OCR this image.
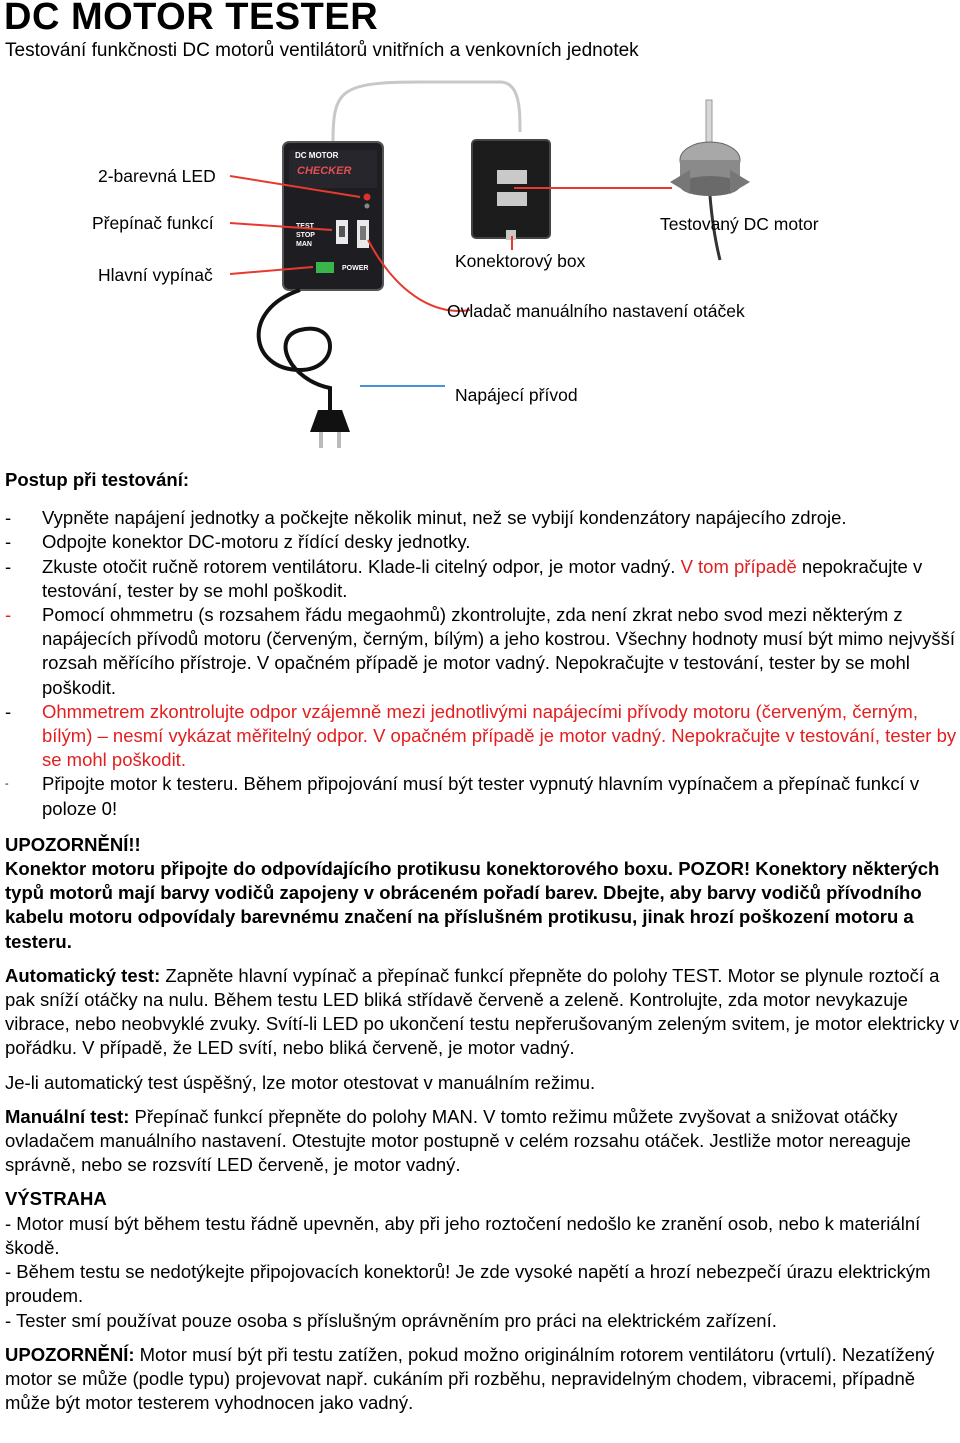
DC MOTOR TESTER

Testování funkčnosti DC motorů ventilátorů vnitřních a venkovních jednotek

DC MOTOR
CHECKER
TEST
STOP
MAN
POWER
2-barevná LED
Přepínač funkcí
Hlavní vypínač
Konektorový box
Testovaný DC motor
Ovladač manuálního nastavení otáček
Napájecí přívod

Postup při testování:

-	Vypněte napájení jednotky a počkejte několik minut, než se vybijí kondenzátory napájecího zdroje.
-	Odpojte konektor DC-motoru z řídící desky jednotky.
-	Zkuste otočit ručně rotorem ventilátoru. Klade-li citelný odpor, je motor vadný. V tom případě nepokračujte v testování, tester by se mohl poškodit.
-	Pomocí ohmmetru (s rozsahem řádu megaohmů) zkontrolujte, zda není zkrat nebo svod mezi některým z napájecích přívodů motoru (červeným, černým, bílým) a jeho kostrou. Všechny hodnoty musí být mimo nejvyšší rozsah měřícího přístroje. V opačném případě je motor vadný. Nepokračujte v testování, tester by se mohl poškodit.
-	Ohmmetrem zkontrolujte odpor vzájemně mezi jednotlivými napájecími přívody motoru (červeným, černým, bílým) – nesmí vykázat měřitelný odpor. V opačném případě je motor vadný. Nepokračujte v testování, tester by se mohl poškodit.
-	Připojte motor k testeru. Během připojování musí být tester vypnutý hlavním vypínačem a přepínač funkcí v poloze 0!

UPOZORNĚNÍ!!

Konektor motoru připojte do odpovídajícího protikusu konektorového boxu. POZOR! Konektory některých typů motorů mají barvy vodičů zapojeny v obráceném pořadí barev. Dbejte, aby barvy vodičů přívodního kabelu motoru odpovídaly barevnému značení na příslušném protikusu, jinak hrozí poškození motoru a testeru.

Automatický test: Zapněte hlavní vypínač a přepínač funkcí přepněte do polohy TEST. Motor se plynule roztočí a pak sníží otáčky na nulu. Během testu LED bliká střídavě červeně a zeleně. Kontrolujte, zda motor nevykazuje vibrace, nebo neobvyklé zvuky. Svítí-li LED po ukončení testu nepřerušovaným zeleným svitem, je motor elektricky v pořádku. V případě, že LED svítí, nebo bliká červeně, je motor vadný.

Je-li automatický test úspěšný, lze motor otestovat v manuálním režimu.

Manuální test: Přepínač funkcí přepněte do polohy MAN. V tomto režimu můžete zvyšovat a snižovat otáčky ovladačem manuálního nastavení. Otestujte motor postupně v celém rozsahu otáček. Jestliže motor nereaguje správně, nebo se rozsvítí LED červeně, je motor vadný.

VÝSTRAHA

- Motor musí být během testu řádně upevněn, aby při jeho roztočení nedošlo ke zranění osob, nebo k materiální škodě.

- Během testu se nedotýkejte připojovacích konektorů! Je zde vysoké napětí a hrozí nebezpečí úrazu elektrickým proudem.

- Tester smí používat pouze osoba s příslušným oprávněním pro práci na elektrickém zařízení.

UPOZORNĚNÍ: Motor musí být při testu zatížen, pokud možno originálním rotorem ventilátoru (vrtulí). Nezatížený motor se může (podle typu) projevovat např. cukáním při rozběhu, nepravidelným chodem, vibracemi, případně může být motor testerem vyhodnocen jako vadný.
